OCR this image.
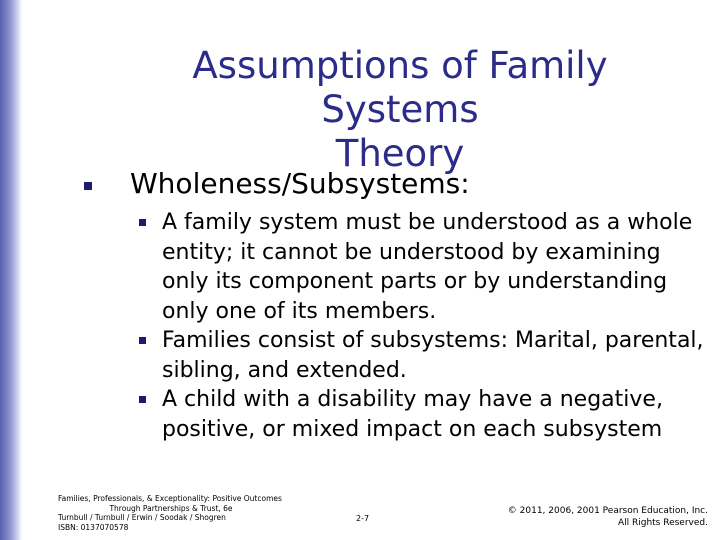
Assumptions of Family Systems
Theory
Wholeness/Subsystems:
A family system must be understood as a whole entity; it cannot be understood by examining only its component parts or by understanding only one of its members.
Families consist of subsystems: Marital, parental, sibling, and extended.
A child with a disability may have a negative, positive, or mixed impact on each subsystem
Families, Professionals, & Exceptionality: Positive Outcomes
Through Partnerships & Trust, 6e
Turnbull / Turnbull / Erwin / Soodak / Shogren
ISBN: 0137070578
2-7
© 2011, 2006, 2001 Pearson Education, Inc.
All Rights Reserved.
